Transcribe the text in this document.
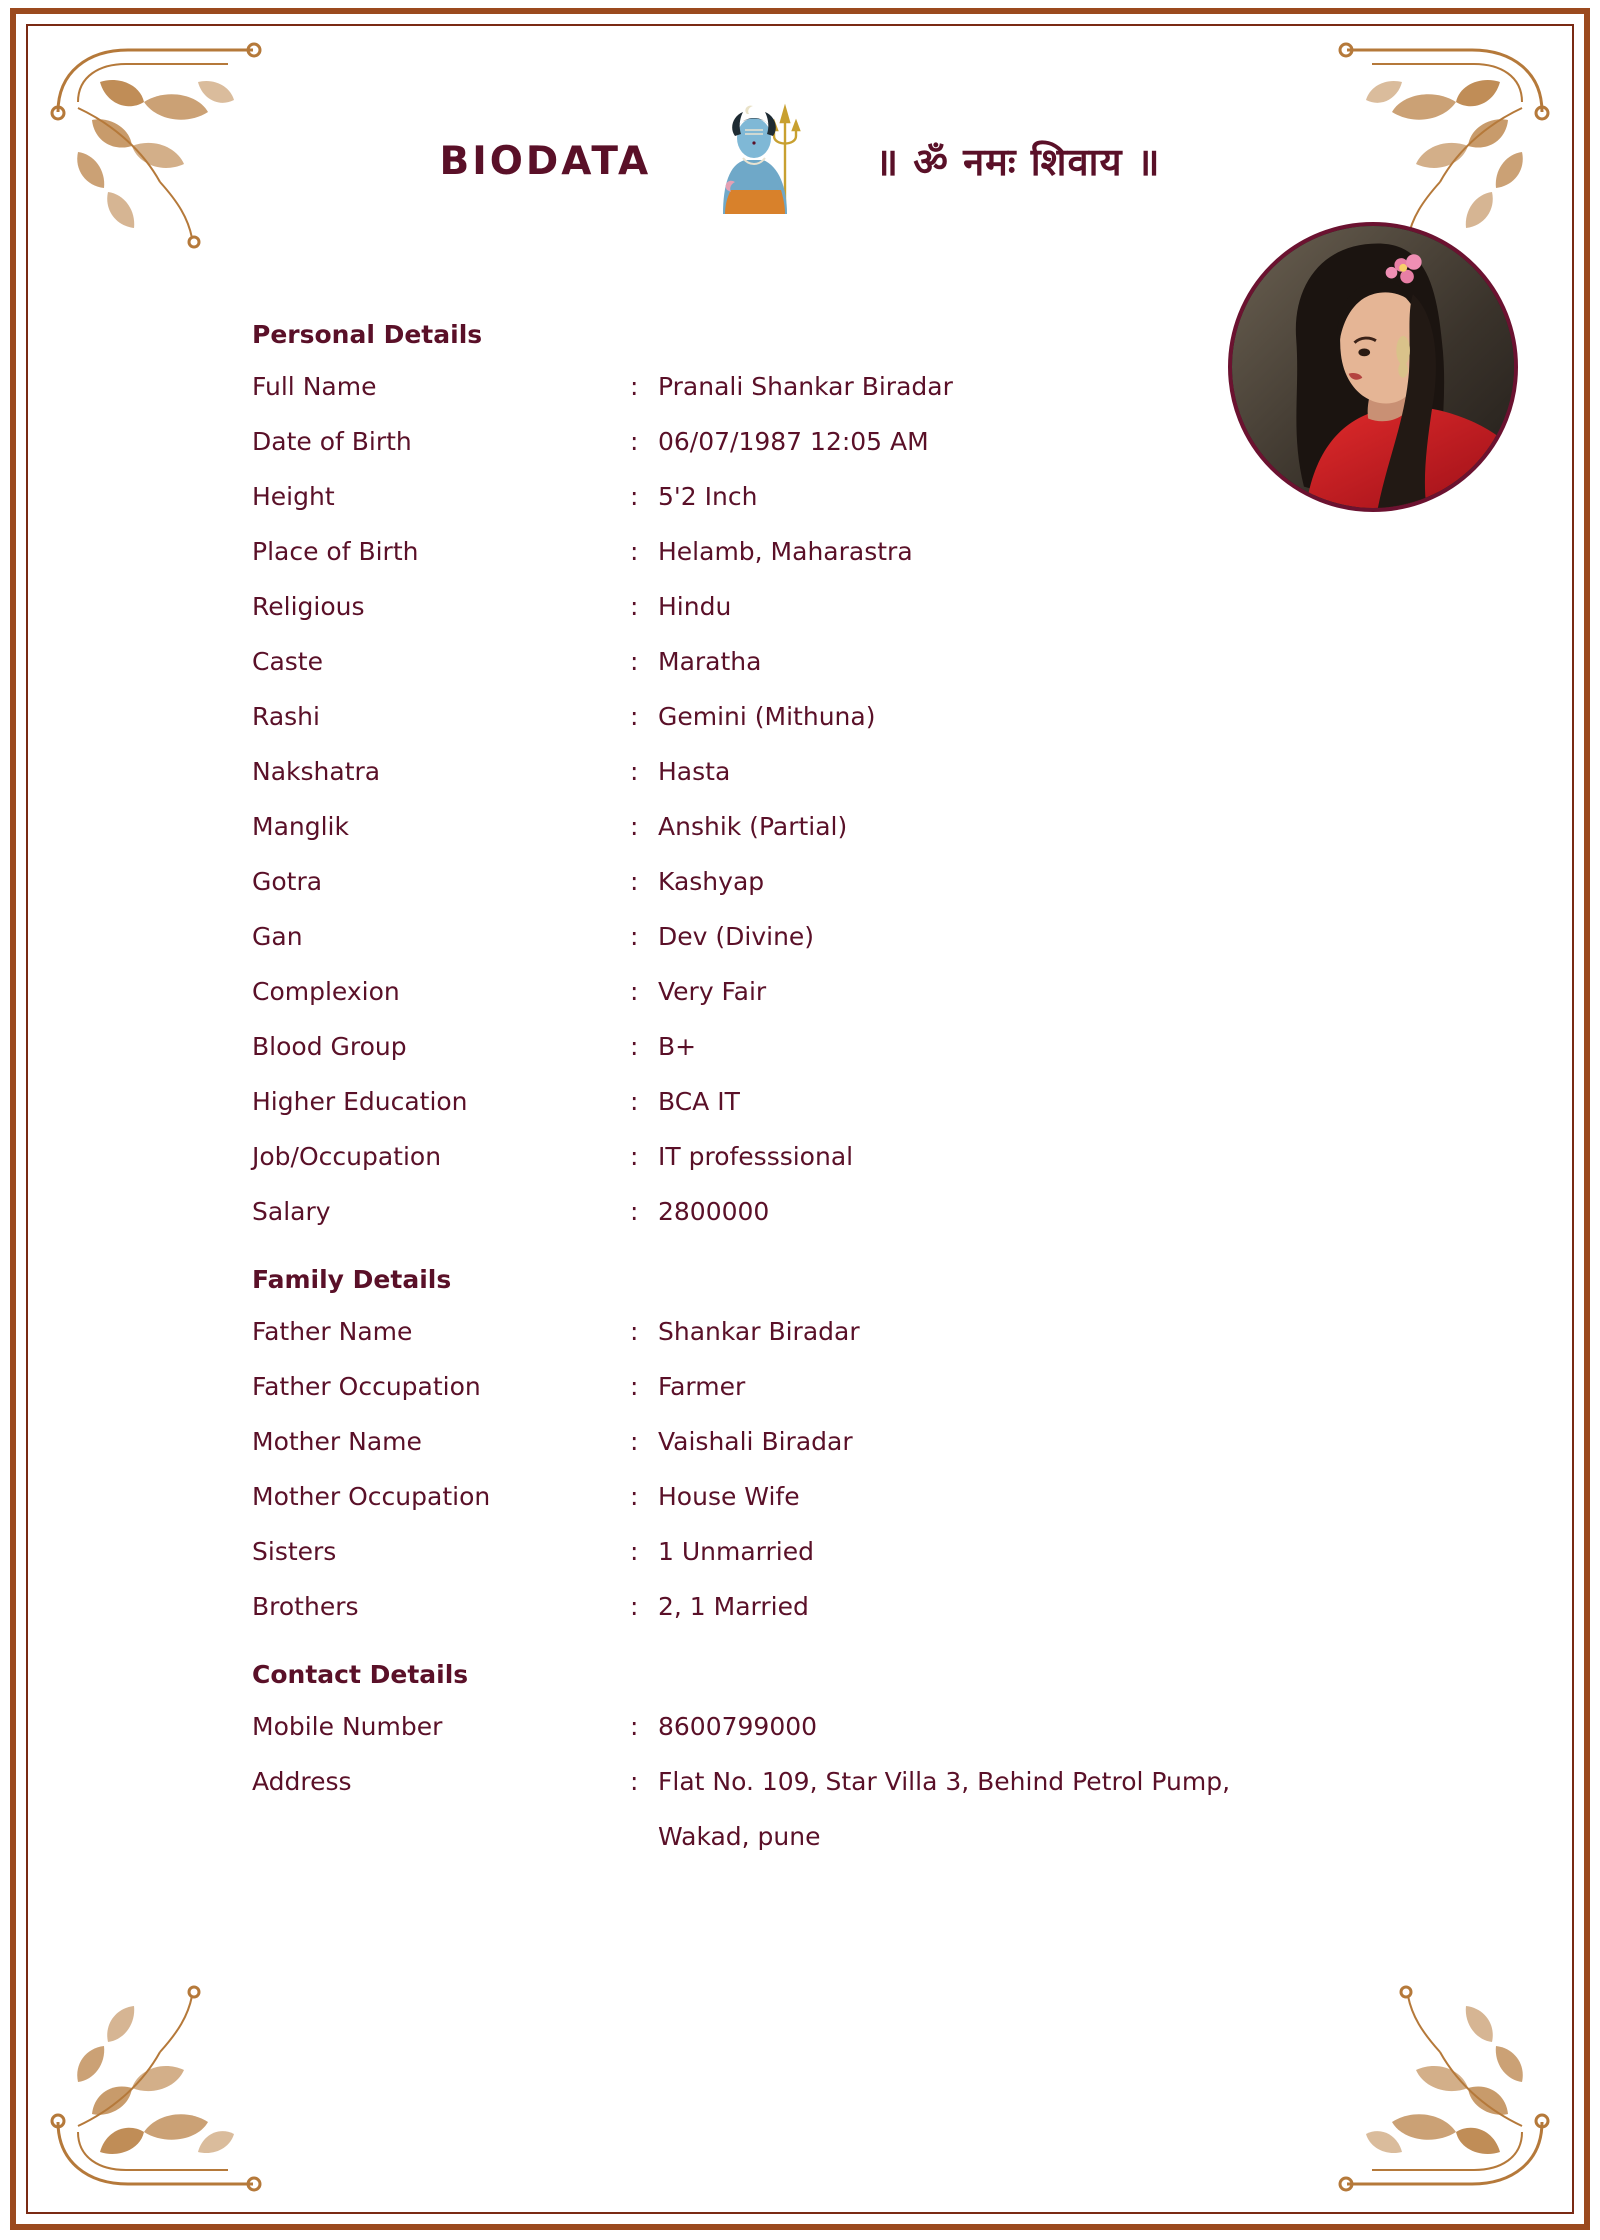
BIODATA	॥ ॐ नमः शिवाय ॥
Personal Details
Full Name	: Pranali Shankar Biradar
Date of Birth	: 06/07/1987 12:05 AM
Height	: 5'2 Inch
Place of Birth	: Helamb, Maharastra
Religious	: Hindu
Caste	: Maratha
Rashi	: Gemini (Mithuna)
Nakshatra	: Hasta
Manglik	: Anshik (Partial)
Gotra	: Kashyap
Gan	: Dev (Divine)
Complexion	: Very Fair
Blood Group	: B+
Higher Education	: BCA IT
Job/Occupation	: IT professsional
Salary	: 2800000
Family Details
Father Name	: Shankar Biradar
Father Occupation	: Farmer
Mother Name	: Vaishali Biradar
Mother Occupation	: House Wife
Sisters	: 1 Unmarried
Brothers	: 2, 1 Married
Contact Details
Mobile Number	: 8600799000
Address	: Flat No. 109, Star Villa 3, Behind Petrol Pump,
Wakad, pune
